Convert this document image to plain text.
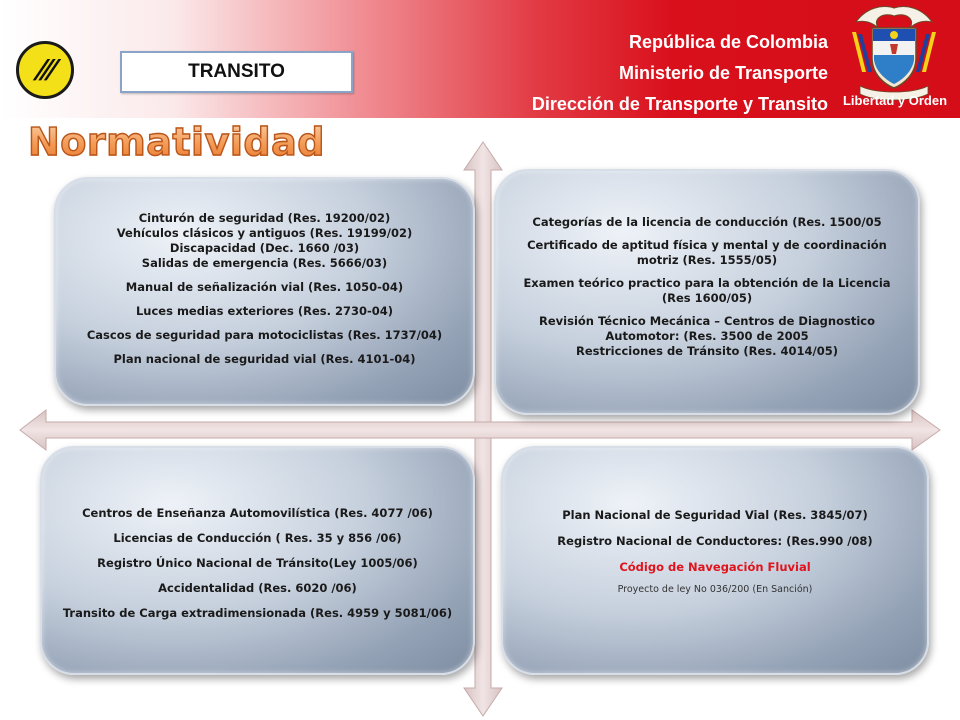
///	TRANSITO
República de Colombia
Ministerio de Transporte
Dirección de Transporte y Transito Libertad y Orden
Normatividad
Cinturón de seguridad (Res. 19200/02)
Vehículos clásicos y antiguos (Res. 19199/02)
Discapacidad (Dec. 1660 /03)
Salidas de emergencia (Res. 5666/03)
Manual de señalización vial (Res. 1050-04)
Luces medias exteriores (Res. 2730-04)
Cascos de seguridad para motociclistas (Res. 1737/04)
Plan nacional de seguridad vial (Res. 4101-04)
Categorías de la licencia de conducción (Res. 1500/05
Certificado de aptitud física y mental y de coordinación motriz (Res. 1555/05)
Examen teórico practico para la obtención de la Licencia (Res 1600/05)
Revisión Técnico Mecánica – Centros de Diagnostico Automotor: (Res. 3500 de 2005
Restricciones de Tránsito (Res. 4014/05)
Centros de Enseñanza Automovilística (Res. 4077 /06)
Licencias de Conducción ( Res. 35 y 856 /06)
Registro Único Nacional de Tránsito(Ley 1005/06)
Accidentalidad (Res. 6020 /06)
Transito de Carga extradimensionada (Res. 4959 y 5081/06)
Plan Nacional de Seguridad Vial (Res. 3845/07)
Registro Nacional de Conductores: (Res.990 /08)
Código de Navegación Fluvial
Proyecto de ley No 036/200 (En Sanción)
